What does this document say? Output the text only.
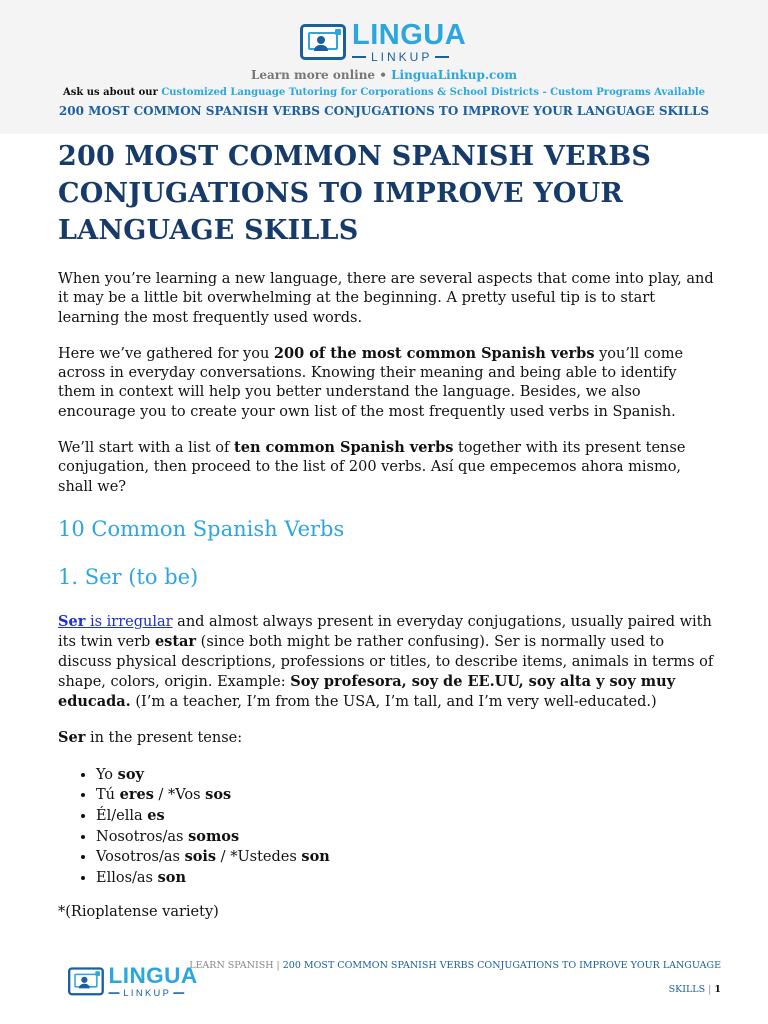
LINGUA
LINKUP
Learn more online • LinguaLinkup.com
Ask us about our Customized Language Tutoring for Corporations & School Districts - Custom Programs Available
200 MOST COMMON SPANISH VERBS CONJUGATIONS TO IMPROVE YOUR LANGUAGE SKILLS
200 MOST COMMON SPANISH VERBS CONJUGATIONS TO IMPROVE YOUR LANGUAGE SKILLS

When you’re learning a new language, there are several aspects that come into play, and it may be a little bit overwhelming at the beginning. A pretty useful tip is to start learning the most frequently used words.

Here we’ve gathered for you 200 of the most common Spanish verbs you’ll come across in everyday conversations. Knowing their meaning and being able to identify them in context will help you better understand the language. Besides, we also encourage you to create your own list of the most frequently used verbs in Spanish.

We’ll start with a list of ten common Spanish verbs together with its present tense conjugation, then proceed to the list of 200 verbs. Así que empecemos ahora mismo, shall we?

10 Common Spanish Verbs
1. Ser (to be)

Ser is irregular and almost always present in everyday conjugations, usually paired with its twin verb estar (since both might be rather confusing). Ser is normally used to discuss physical descriptions, professions or titles, to describe items, animals in terms of shape, colors, origin. Example: Soy profesora, soy de EE.UU, soy alta y soy muy educada. (I’m a teacher, I’m from the USA, I’m tall, and I’m very well-educated.)

Ser in the present tense:

• Yo soy
• Tú eres / *Vos sos
• Él/ella es
• Nosotros/as somos
• Vosotros/as sois / *Ustedes son
• Ellos/as son

*(Rioplatense variety)

LINGUA
LINKUP
LEARN SPANISH | 200 MOST COMMON SPANISH VERBS CONJUGATIONS TO IMPROVE YOUR LANGUAGE
SKILLS | 1
